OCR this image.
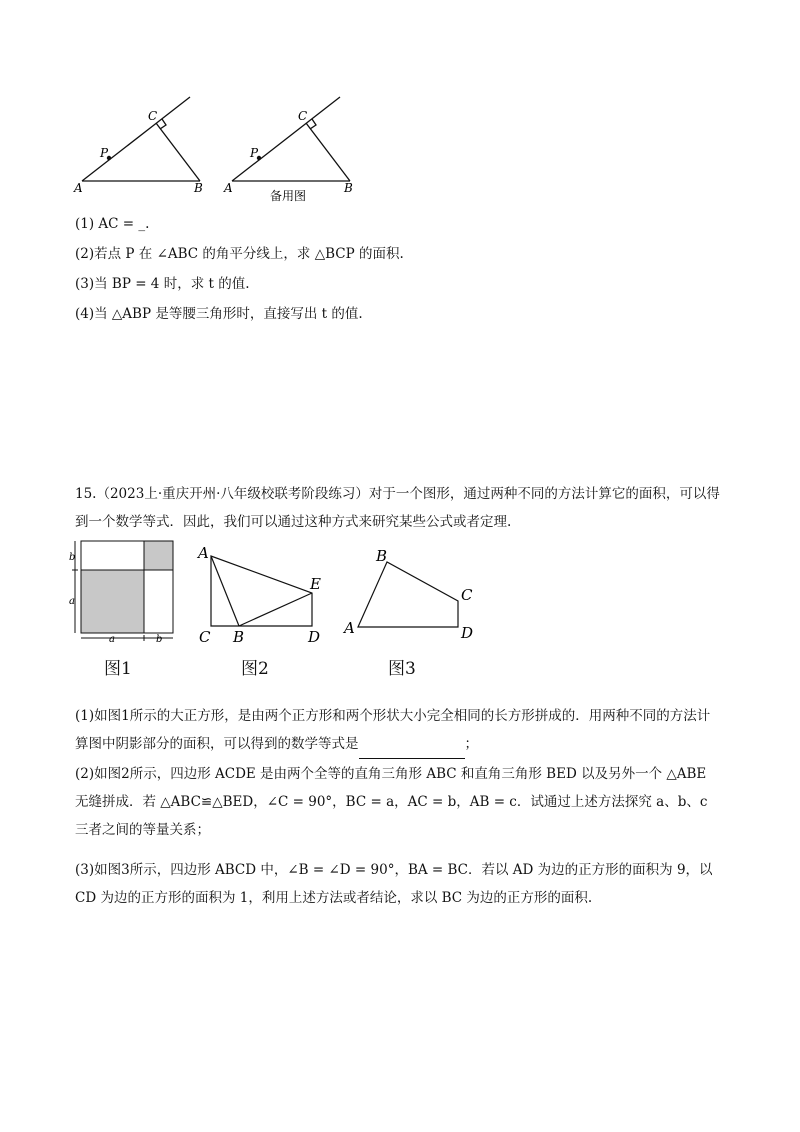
A	B
C
P
A	B
C
P
备用图
(1) AC = _.
(2)若点 P 在 ∠ABC 的角平分线上，求 △BCP 的面积.
(3)当 BP = 4 时，求 t 的值.
(4)当 △ABP 是等腰三角形时，直接写出 t 的值.
15.（2023上·重庆开州·八年级校联考阶段练习）对于一个图形，通过两种不同的方法计算它的面积，可以得到一个数学等式．因此，我们可以通过这种方式来研究某些公式或者定理.
b
a
a	b
图1
A
B
C	D
E
图2
A
B
C
D
图3
(1)如图1所示的大正方形，是由两个正方形和两个形状大小完全相同的长方形拼成的．用两种不同的方法计算图中阴影部分的面积，可以得到的数学等式是	；
(2)如图2所示，四边形 ACDE 是由两个全等的直角三角形 ABC 和直角三角形 BED 以及另外一个 △ABE 无缝拼成．若 △ABC≌△BED，∠C = 90°，BC = a，AC = b，AB = c．试通过上述方法探究 a、b、c 三者之间的等量关系；
(3)如图3所示，四边形 ABCD 中，∠B = ∠D = 90°，BA = BC．若以 AD 为边的正方形的面积为 9，以 CD 为边的正方形的面积为 1，利用上述方法或者结论，求以 BC 为边的正方形的面积.
